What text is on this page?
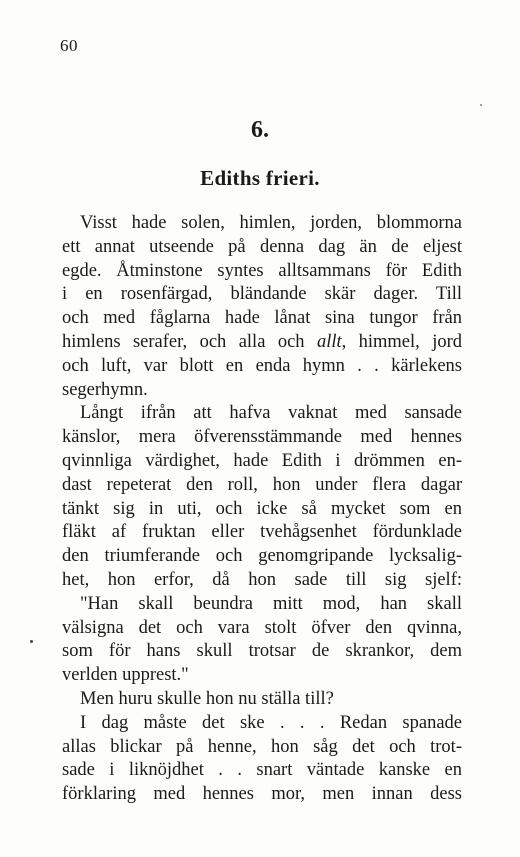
60
6.
Ediths frieri.
Visst hade solen, himlen, jorden, blommorna
ett annat utseende på denna dag än de eljest
egde. Åtminstone syntes alltsammans för Edith
i en rosenfärgad, bländande skär dager. Till
och med fåglarna hade lånat sina tungor från
himlens serafer, och alla och allt, himmel, jord
och luft, var blott en enda hymn . . kärlekens
segerhymn.
Långt ifrån att hafva vaknat med sansade
känslor, mera öfverensstämmande med hennes
qvinnliga värdighet, hade Edith i drömmen en-
dast repeterat den roll, hon under flera dagar
tänkt sig in uti, och icke så mycket som en
fläkt af fruktan eller tvehågsenhet fördunklade
den triumferande och genomgripande lycksalig-
het, hon erfor, då hon sade till sig sjelf:
"Han skall beundra mitt mod, han skall
välsigna det och vara stolt öfver den qvinna,
som för hans skull trotsar de skrankor, dem
verlden upprest."
Men huru skulle hon nu ställa till?
I dag måste det ske . . . Redan spanade
allas blickar på henne, hon såg det och trot-
sade i liknöjdhet . . snart väntade kanske en
förklaring med hennes mor, men innan dess
